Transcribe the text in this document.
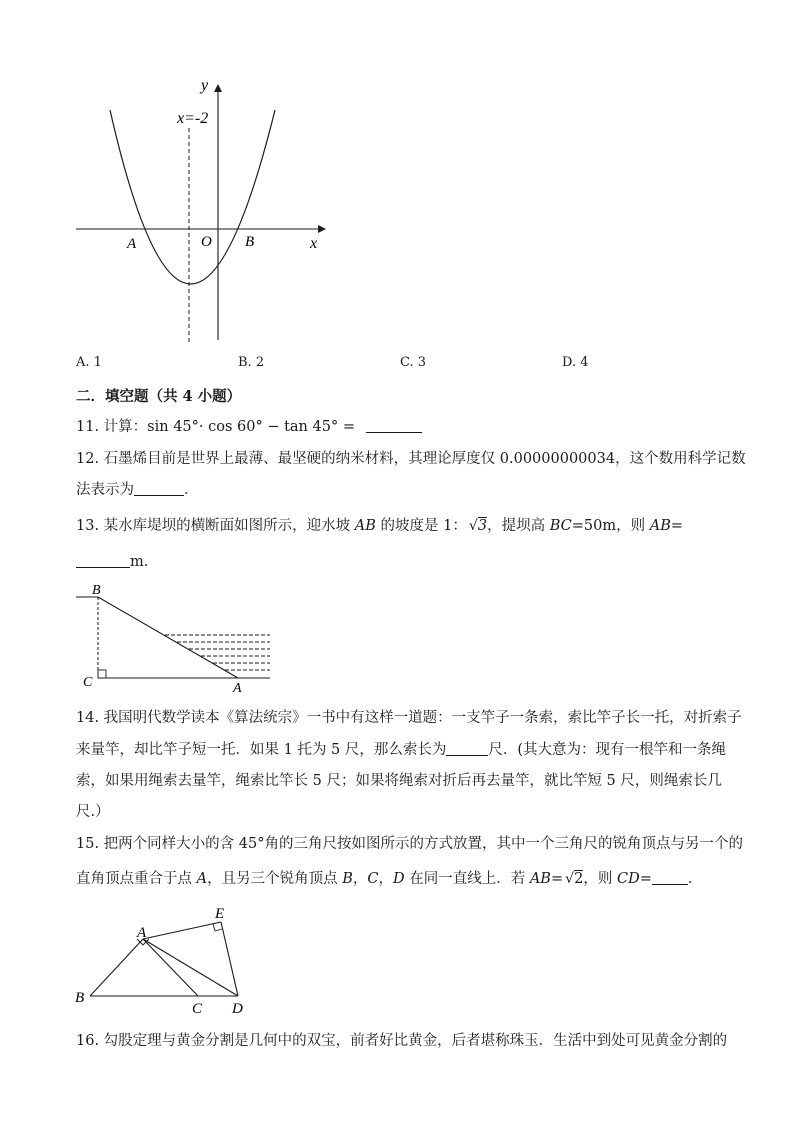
y
x
x=-2
O
A	B
A. 1	B. 2	C. 3	D. 4
二．填空题（共 4 小题）
11. 计算：sin 45°· cos 60° − tan 45° =
12. 石墨烯目前是世界上最薄、最坚硬的纳米材料，其理论厚度仅 0.00000000034，这个数用科学记数
法表示为	．
13. 某水库堤坝的横断面如图所示，迎水坡 AB 的坡度是 1： √ 3，提坝高 BC=50m，则 AB=
m.
B
C	A
14. 我国明代数学读本《算法统宗》一书中有这样一道题：一支竿子一条索，索比竿子长一托，对折索子
来量竿，却比竿子短一托．如果 1 托为 5 尺，那么索长为	尺．(其大意为：现有一根竿和一条绳
索，如果用绳索去量竿，绳索比竿长 5 尺；如果将绳索对折后再去量竿，就比竿短 5 尺，则绳索长几
尺.）
15. 把两个同样大小的含 45°角的三角尺按如图所示的方式放置，其中一个三角尺的锐角顶点与另一个的
直角顶点重合于点 A，且另三个锐角顶点 B，C，D 在同一直线上．若 AB= √ 2，则 CD= ．
A
E
B
C D
16. 勾股定理与黄金分割是几何中的双宝，前者好比黄金，后者堪称珠玉．生活中到处可见黄金分割的
